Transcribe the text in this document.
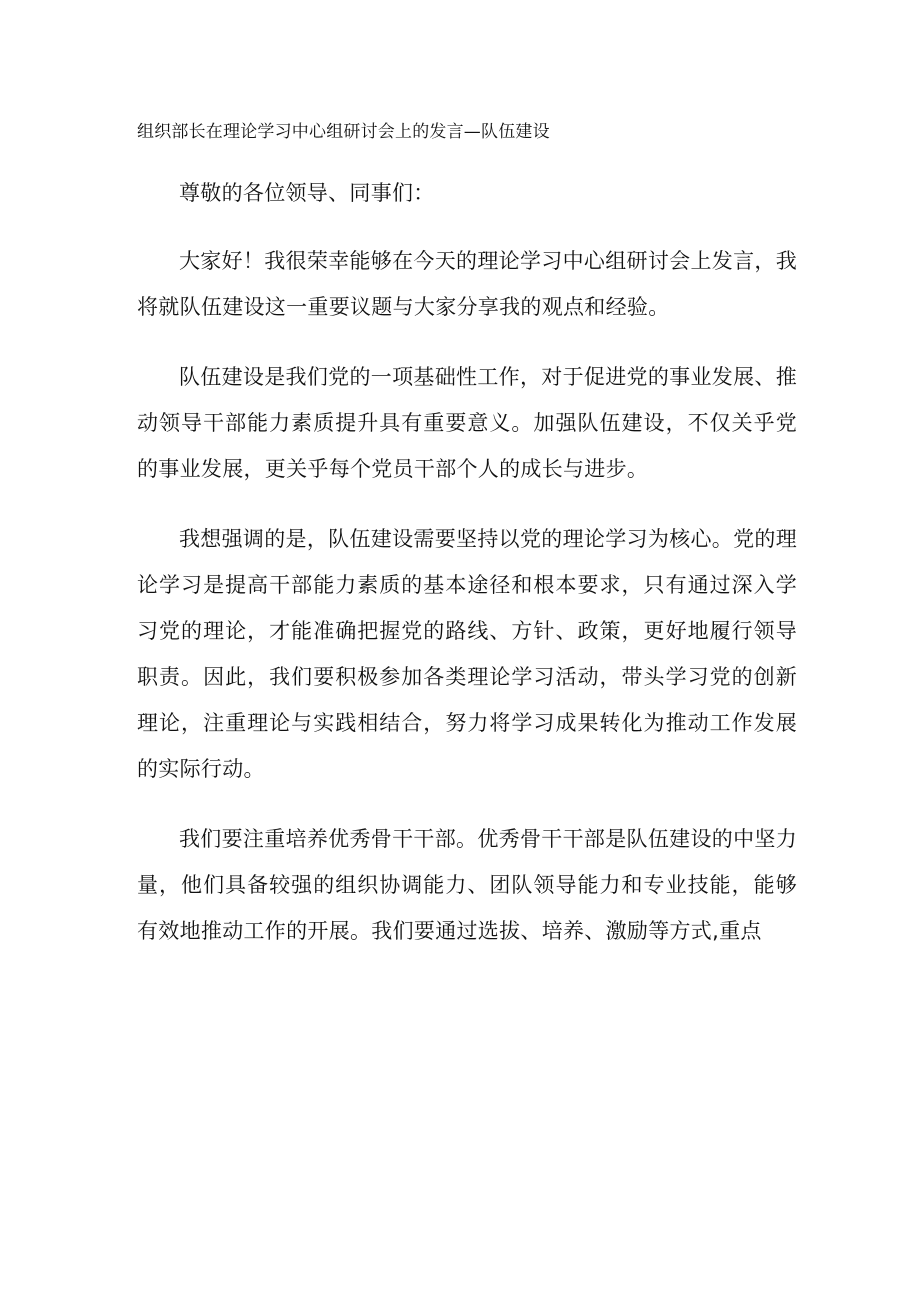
组织部长在理论学习中心组研讨会上的发言—队伍建设

尊敬的各位领导、同事们：

大家好！我很荣幸能够在今天的理论学习中心组研讨会上发言，我将就队伍建设这一重要议题与大家分享我的观点和经验。

队伍建设是我们党的一项基础性工作，对于促进党的事业发展、推动领导干部能力素质提升具有重要意义。加强队伍建设，不仅关乎党的事业发展，更关乎每个党员干部个人的成长与进步。

我想强调的是，队伍建设需要坚持以党的理论学习为核心。党的理论学习是提高干部能力素质的基本途径和根本要求，只有通过深入学习党的理论，才能准确把握党的路线、方针、政策，更好地履行领导职责。因此，我们要积极参加各类理论学习活动，带头学习党的创新理论，注重理论与实践相结合，努力将学习成果转化为推动工作发展的实际行动。

我们要注重培养优秀骨干干部。优秀骨干干部是队伍建设的中坚力量，他们具备较强的组织协调能力、团队领导能力和专业技能，能够有效地推动工作的开展。我们要通过选拔、培养、激励等方式,重点
